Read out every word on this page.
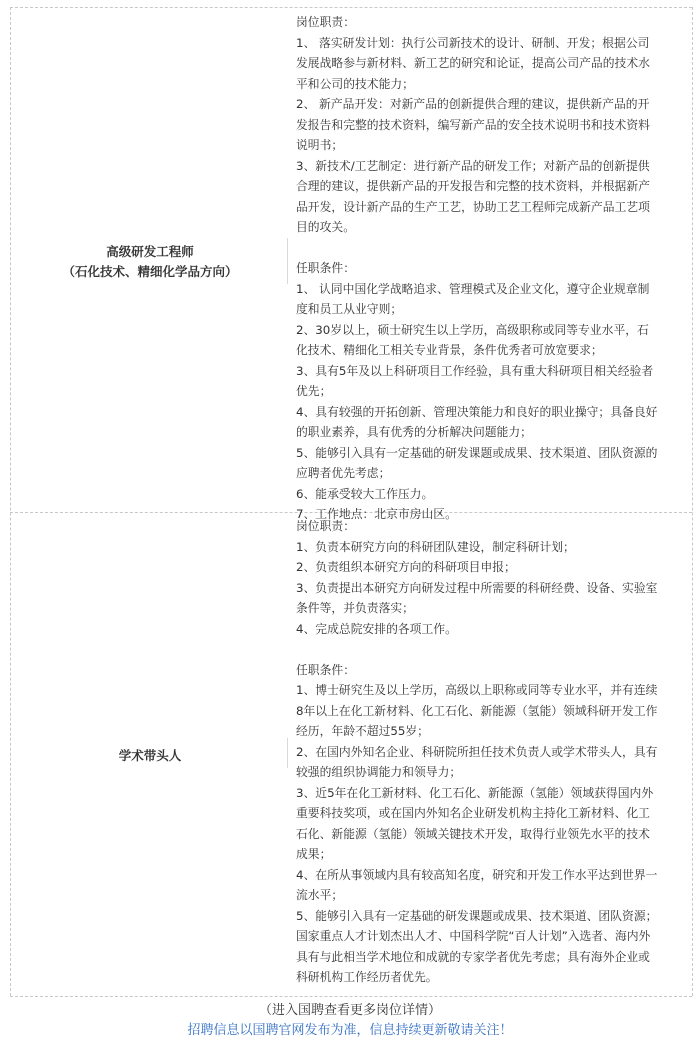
高级研发工程师
（石化技术、精细化学品方向）
岗位职责：
1、 落实研发计划：执行公司新技术的设计、研制、开发；根据公司
发展战略参与新材料、新工艺的研究和论证，提高公司产品的技术水
平和公司的技术能力；
2、 新产品开发：对新产品的创新提供合理的建议，提供新产品的开
发报告和完整的技术资料，编写新产品的安全技术说明书和技术资料
说明书；
3、新技术/工艺制定：进行新产品的研发工作；对新产品的创新提供
合理的建议，提供新产品的开发报告和完整的技术资料，并根据新产
品开发，设计新产品的生产工艺，协助工艺工程师完成新产品工艺项
目的攻关。
任职条件：
1、 认同中国化学战略追求、管理模式及企业文化，遵守企业规章制
度和员工从业守则；
2、30岁以上，硕士研究生以上学历，高级职称或同等专业水平，石
化技术、精细化工相关专业背景，条件优秀者可放宽要求；
3、具有5年及以上科研项目工作经验，具有重大科研项目相关经验者
优先；
4、具有较强的开拓创新、管理决策能力和良好的职业操守；具备良好
的职业素养，具有优秀的分析解决问题能力；
5、能够引入具有一定基础的研发课题或成果、技术渠道、团队资源的
应聘者优先考虑；
6、能承受较大工作压力。
7、工作地点：北京市房山区。
学术带头人
岗位职责：
1、负责本研究方向的科研团队建设，制定科研计划；
2、负责组织本研究方向的科研项目申报；
3、负责提出本研究方向研发过程中所需要的科研经费、设备、实验室
条件等，并负责落实；
4、完成总院安排的各项工作。
任职条件：
1、博士研究生及以上学历，高级以上职称或同等专业水平，并有连续
8年以上在化工新材料、化工石化、新能源（氢能）领域科研开发工作
经历，年龄不超过55岁；
2、在国内外知名企业、科研院所担任技术负责人或学术带头人，具有
较强的组织协调能力和领导力；
3、近5年在化工新材料、化工石化、新能源（氢能）领域获得国内外
重要科技奖项，或在国内外知名企业研发机构主持化工新材料、化工
石化、新能源（氢能）领域关键技术开发，取得行业领先水平的技术
成果；
4、在所从事领域内具有较高知名度，研究和开发工作水平达到世界一
流水平；
5、能够引入具有一定基础的研发课题或成果、技术渠道、团队资源；
国家重点人才计划杰出人才、中国科学院“百人计划”入选者、海内外
具有与此相当学术地位和成就的专家学者优先考虑；具有海外企业或
科研机构工作经历者优先。
（进入国聘查看更多岗位详情）
招聘信息以国聘官网发布为准，信息持续更新敬请关注！
